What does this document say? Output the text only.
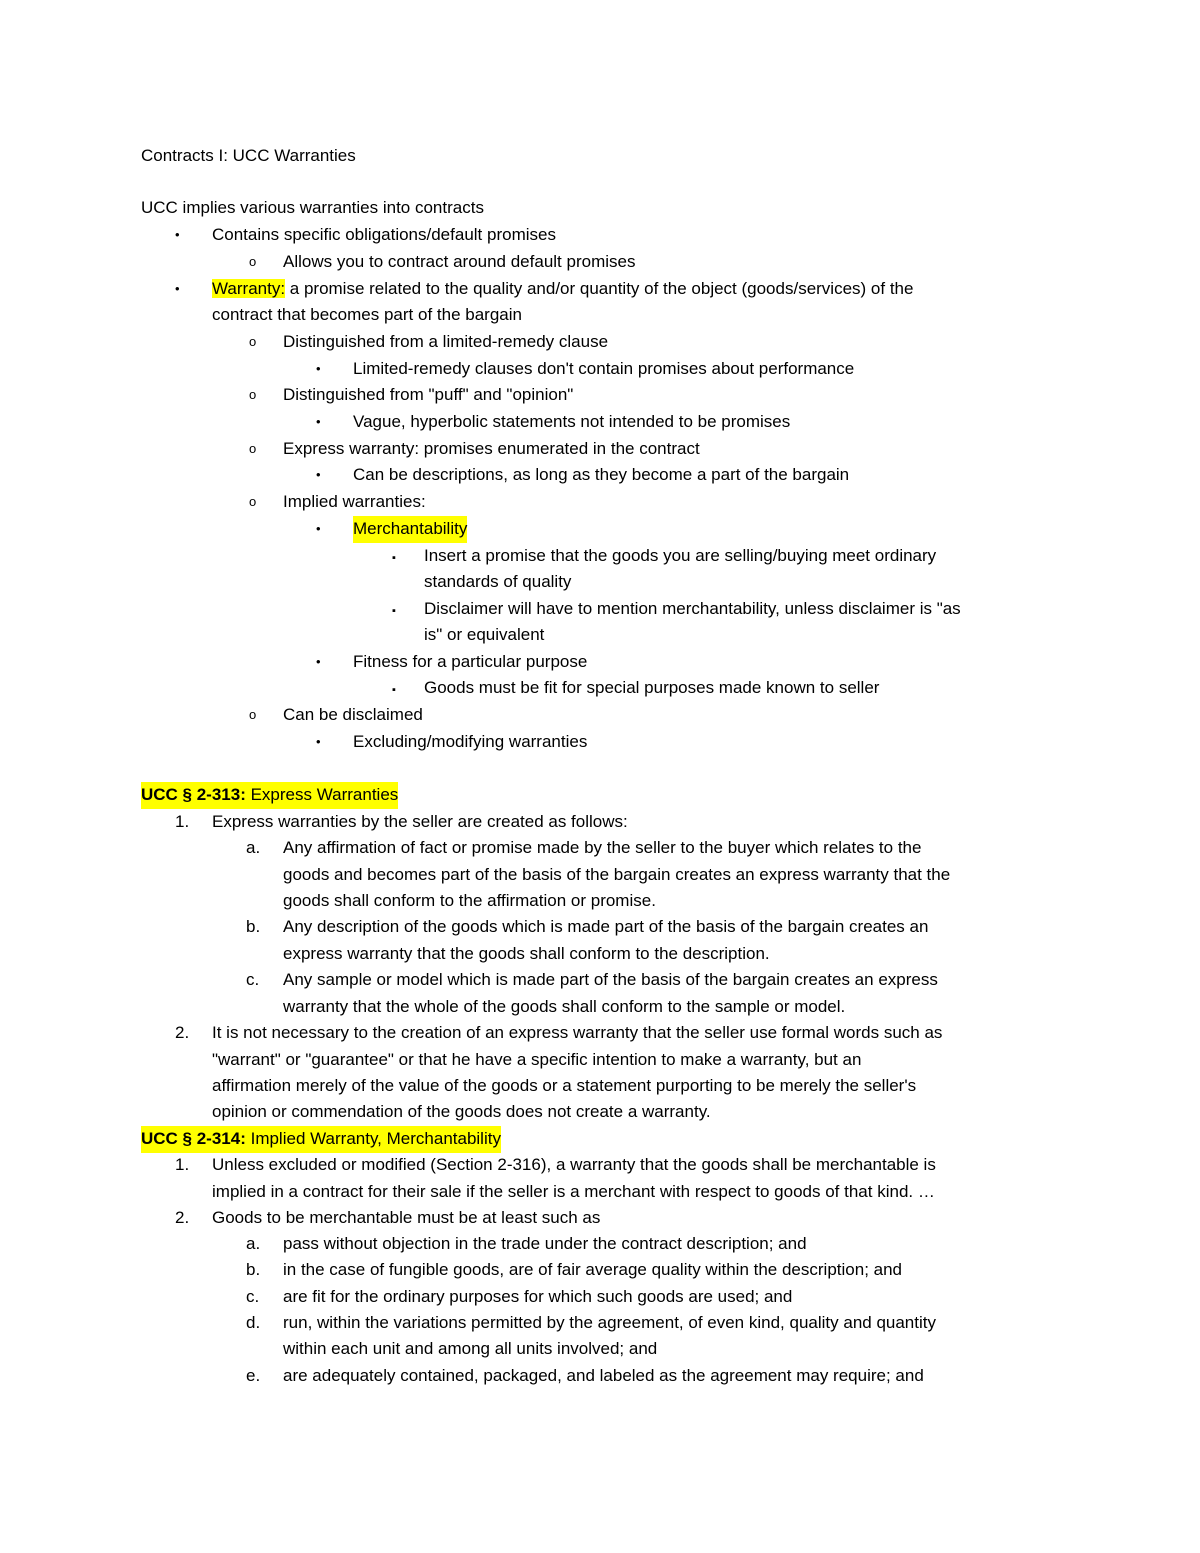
Contracts I: UCC Warranties
UCC implies various warranties into contracts
• Contains specific obligations/default promises
o Allows you to contract around default promises
• Warranty: a promise related to the quality and/or quantity of the object (goods/services) of the
contract that becomes part of the bargain
o Distinguished from a limited-remedy clause
• Limited-remedy clauses don't contain promises about performance
o Distinguished from "puff" and "opinion"
• Vague, hyperbolic statements not intended to be promises
o Express warranty: promises enumerated in the contract
• Can be descriptions, as long as they become a part of the bargain
o Implied warranties:
• Merchantability
▪ Insert a promise that the goods you are selling/buying meet ordinary
standards of quality
▪ Disclaimer will have to mention merchantability, unless disclaimer is "as
is" or equivalent
• Fitness for a particular purpose
▪ Goods must be fit for special purposes made known to seller
o Can be disclaimed
• Excluding/modifying warranties
UCC § 2-313: Express Warranties
1. Express warranties by the seller are created as follows:
a. Any affirmation of fact or promise made by the seller to the buyer which relates to the
goods and becomes part of the basis of the bargain creates an express warranty that the
goods shall conform to the affirmation or promise.
b. Any description of the goods which is made part of the basis of the bargain creates an
express warranty that the goods shall conform to the description.
c. Any sample or model which is made part of the basis of the bargain creates an express
warranty that the whole of the goods shall conform to the sample or model.
2. It is not necessary to the creation of an express warranty that the seller use formal words such as
"warrant" or "guarantee" or that he have a specific intention to make a warranty, but an
affirmation merely of the value of the goods or a statement purporting to be merely the seller's
opinion or commendation of the goods does not create a warranty.
UCC § 2-314: Implied Warranty, Merchantability
1. Unless excluded or modified (Section 2-316), a warranty that the goods shall be merchantable is
implied in a contract for their sale if the seller is a merchant with respect to goods of that kind. …
2. Goods to be merchantable must be at least such as
a. pass without objection in the trade under the contract description; and
b. in the case of fungible goods, are of fair average quality within the description; and
c. are fit for the ordinary purposes for which such goods are used; and
d. run, within the variations permitted by the agreement, of even kind, quality and quantity
within each unit and among all units involved; and
e. are adequately contained, packaged, and labeled as the agreement may require; and
